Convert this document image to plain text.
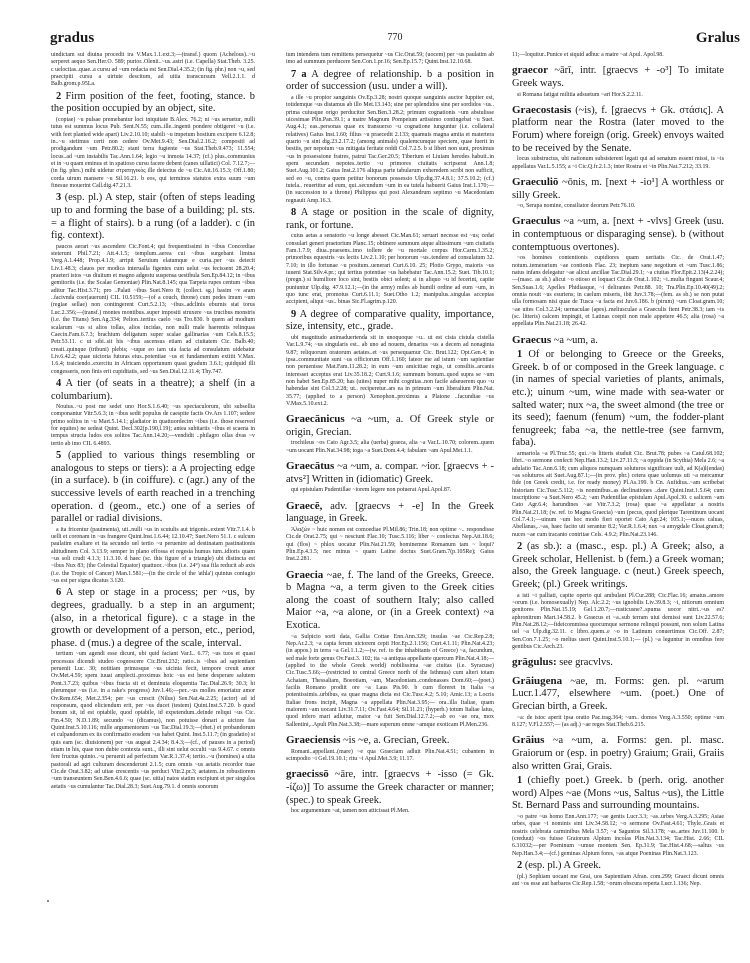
gradus	770	Gralus

uindictam sui diuina procedit ira V.Max.1.1.ext.3;—(transf.) quom (Achelous)..~u serperet aequo Sen.Her.O. 589; purior..Olenii..~us..astri (i.e. Capella) Stat.Theb. 3.25. c uelocitas..quae..a cursu ad ~um redacta est Sen.Dial.4.35.2; (in fig. phr.) non ~u, sed praecipiti cursu a uirtute descitum, ad uitia transcursum Vell.2.1.1. d Balb.grom.p.95La.

2 Firm position of the feet, footing, stance. b the position occupied by an object, site.

(copiae) ~u pulsae premebantur loci iniquitate B.Alex. 76.2; ni ~us seruetur, nulli tutus est summus locus Pub. Sent.N.55; cum..ille..ingenti pondere obtigeret ~u (i.e. with feet planted wide apart) Liv.2.10.10; stabili ~u impetum hostium excipere 6.12.8; in..~u stetimus certi non cedere Ov.Met.9.43; Sen.Dial.2.16.2; compositi ad prodigandum ~um Petr.80.2; stant terra fugiente ~us Stat.Theb.9.473; 11.554; locus..ad ~um instabilis Tac.Ann.1.64; legio ~u inmota 14.37; (cf.) plus..communius et in ~u quam eminus et in spatioso cursu facere debent (canes uillatici) Col. 7.12.7;—(in fig. phrs.) mihi uidetur στρατηγικὸς ille deiectus de ~u Cic.Att.16.15.3; Off.1.80; corda uirum mansere ~u Sil.16.21. b eos, qui terminos statutos extra suum ~um finesue mouerint Call.dig.47.21.3.

3 (esp. pl.) A step, stair (often of steps leading up to and forming the base of a building; pl. sts. = a flight of stairs). b a rung (of a ladder). c (in fig. context).

paucos aerari ~us ascendere Cic.Font.4; qui frequentissimi in ~ibus Concordiae steterunt Phil.7.21; Att.4.1.5; templum..aerea cui ~ibus surgebant limina Verg.A.1.448; Prop.4.1.9; arripit Seruium elatumque e curia..per ~us deiecit Liv.1.48.3; clauos per modica interualla figentes cum uelut ~us fecissent 28.20.4; praeteri istos ~us diuitum et magno adgestu suspensa uestibula Sen.Ep.84.12; in ~ibus gemitoriis (i.e. the Scalae Gemoniae) Plin.Nat.8.145; qua Tarpeia rupes centum ~ibus aditur Tac.Hist.3.71; pro ..Palati ~ibus Suet.Nero 8; (collect. sg.) basim ~v aram ..facivnda coer(auerunt) CIL 10.5159;—(of a couch, throne) cum pedes imum ~um (regiae sellae) non contingerent Curt.5.2.13; ~ibus..adclinis eburnis stat torus Luc.2.356;—(transf.) montes montibus..super impositi struxere ~us trucibus monstris (i.e. the Titans) Sen.Ag.334; Pelion..tertius caelo ~us Tro.830. b quem ad modium scalarum ~us si alios tollas, alios incidas, non nulli male haerentis relinquas Caecin.Fam.6.7.3; brachium deligatum super scalae gallinarias ~um Cels.8.15.5; Petr.53.11. c ut sibi..sit his ~ibus ascensus etiam ad ciuitatem Cic. Balb.40; creati..quinque (tribuni) plebis; ~uque eo iam uia facta ad consulatum uidebatur Liv.6.42.2; quae uictoria futuras eius..potentiae ~us et fundamentum extitit V.Max. 1.6.4; traiciendo..exercitu in Africam opportunum quasi gradum 3.6.1; quidquid illi congesseris, non finis erit cupiditatis, sed ~us Sen.Dial.12.11.4; Thy.747.

4 A tier (of seats in a theatre); a shelf (in a columbarium).

Nouius..~u post me sedet uno Hor.S.1.6.40; ~us spectaculorum, ubi subsellia componantur Vitr.5.6.3; in ~ibus sedit populus de caespite factis Ov.Ars 1.107; sedere primo solitos in ~u Mart.5.14.1; gladiator in quattuordecim ~ibus (i.e. those reserved for equites) ne sedeat Quint. Decl.302(p.190,l.19); antea subitariis ~ibus et scaena in tempus structa ludos eos solitos Tac.Ann.14.20;—vendidit ..philagro ollas dvas ~v tertio ab imo CIL 6.4893.

5 (applied to various things resembling or analogous to steps or tiers): a A projecting edge (in a surface). b (in coiffure). c (agr.) any of the successive levels of earth reached in a trenching operation. d (geom., etc.) one of a series of parallel or radial divisions.

a ita fricentur (pauimenta), uti..nulli ~us in scutulis aut trigonis..extent Vitr.7.1.4. b uelli et coronam in ~us frangere Quint.Inst.1.6.44; 12.10.47; Suet.Nero 51.1. c sulcum paulatim exaltare et ita secundo uel tertio ~u peruenire ad destinatam pastinationis altitudinem Col. 3.13.9; semper in plano effossa et regesta humus tum..idioris quam ~us soli crudi 4.1.3; 11.3.10. d haec (sc. this figure of a triangle) ubi distincta est ~ibus Nux 83; (the Celestial Equator) quattuor..~ibus (i.e. 24°) sua fila reducit ab axis (i.e. the Tropic of Cancer) Man.1.581;—(in the circle of the 'athla') quintus coniugio ~us est per signa dicatus 3.120.

6 A step or stage in a process; per ~us, by degrees, gradually. b a step in an argument; (also, in a rhetorical figure). c a stage in the growth or development of a person, etc., period, phase. d (mus.) a degree of the scale, interval.

tertium ~um agendi esse dicunt, ubi quid faciant Var.L. 6.77; ~us tuos et quasi processus dicendi studeo cognoscere Cic.Brut.232; ratio..is ~ibus ad sapientiam peruenit Luc. 30; notitiam primosque ~us uicinia fecit, tempore creuit amor Ov.Met.4.59; spem iuuat amplecti..proximus hoic ~us est bene desperare salutem Pont.3.7.23; quibus ~ibus fracta sit et deminuta eloquentia Tac.Dial.26.9; 30.3; hi plerumque ~us (i.e. in a rake's progress) Juv.1.46;—per..~us molles emoriatur amor Ov.Rem.654; Met.2.354; per ~us crescit (Nilus) Sen.Nat.4a.2.25; (actor) ad id responsum, quod eliciendum erit, per ~us ducet (testem) Quint.Inst.5.7.20. b quod bonum sit, id est optabile, quod optabile, id expetendum..deinde reliqui ~us Cic. Fin.4.50; N.D.1.89; secundo ~u (dicamus), non potuisse donari a uictore fas Quint.Inst.5.10.116; mille argumentorum ~us Tac.Dial.19.3;—(rhet.) et probandorum et culpandorum ex iis confirmatio eosdem ~us habet Quint. Inst.5.11.7; (in gradatio) si quis eam (sc. diuisionem) per ~us augeat 2.4.34; 8.4.3;—(cf., of pauses in a period) etiam in his, quae non dubie contexta sunt.., illi sint uelut occulti ~us 9.4.67. c omnis fere fructus quinto..~u peruenit ad perfectum Var.R.1.37.4; tertio..~u (homines) a uita pastorali ad agri culturam descenderunt 2.1.5; cum omnis ~us aetatis recordor tuae Cic.de Orat.3.82; ad uitae crescentis ~us perduci Vitr.2.pr.3; aetatem..in robustiorem ~um transeuntem Sen.Ben.4.6.6; quae (sc. uitia) natos statim excipiunt et per singulos aetatis ~us cumulantur Tac.Dial.28.3; Suet.Aug.79.1. d omnis sonorum

tum intendens tum remittens persequetur ~us Cic.Orat.59; (uocem) per ~us paulatim ab imo ad summum perducere Sen.Con.1.pr.16; Sen.Ep.15.7; Quint.Inst.12.10.68.

7 a A degree of relationship. b a position in order of succession (usu. under a will).

a ille ~u propior sanguinis Ov.Ep.3.28; nostri quoque sanguinis auctor Iuppiter est, totidemque ~us distamus ab illo Met.13.143; sine per splendidos sine per sordidos ~us.. prima cuiusque origo perducitur Sen.Ben.3.28.2; primum cognationis ~um abstulisse uicesimae Plin.Pan.39.1; a matre Magnum Pompeium artissimo contingebat ~u Suet. Aug.4.1; eas..personas quae ex transuerso ~u cognatione iunguntur (i.e. collateral relatives) Gaius Inst.1.60; filius ~u praecedit 2.133; quamuis magna amita et matertera quarto ~u sint dig.23.2.17.2; (among animals) qualemcumque speciem, quae fuerit in bestiis, per nepotum ~us mitigata feritate reddi Col.7.2.5. b si liberi non sunt, proximus ~us in possessione fratres, patrui Tac.Ger.20.5; Tiberium et Liuiam heredes habuit..in spem secundam nepotes..tertio ~u primores ciuitatis scripserat Ann.1.8; Suet.Aug.101.2; Gaius Inst.2.176 aliqua parte tabularum exheredem scribi non sufficit, sed eo ~u, contra quem petitur bonorum possessio Ulp.dig.37.4.8.1; 37.5.10.2; (cf.) tutela.. reuertitur ad eum, qui..secundum ~um in ea tutela habuerit Gaius Inst.1.170;—(in succession to a throne) Philippus qui post Alexandrum septimo ~u Macedoniam regnauit Amp.16.3.

8 A stage or position in the scale of dignity, rank, or fortune.

cuius aetas a senatorio ~u longe abesset Cic.Man.61; seruari necesse est ~us; cedat consulari generi praetorium Planc.15; obtinere summum atque altissimum ~um ciuitatis Fam.1.7.9; diua..praesens..imo tollere de ~u mortale corpus Hor.Carm.1.35.2; primoribus equestris ~us lectis Liv.2.1.10; per honorum ~us..tendere ad consulatum 32. 7.10; in illo fortunae ~u positum..uenerari Curt.6.10. 25; Plotio Grypo, maioris ~us iuueni Stat.Silv.4.pr.; qui tertius potentiae ~us habebatur Tac.Ann.15.2; Suet. Tib.10.1; (pregn.) si humiliore loco sint, bestiis obici solent; si in aliquo ~u id fecerint, capite puniuntur Ulp.dig. 47.9.12.1;—(in the army) miles ab humili ordine ad eum ~um, in quo tunc erat, promotus Curt.6.11.1; Suet.Otho 1.2; manipulus..singulas acceptas accipient, aliqui ~us.. binas Sic.Fl.agrim.p.120.

9 A degree of comparative quality, importance, size, intensity, etc., grade.

ubi magnitudo animaduertenda sit in unoquoque ~u.. ut est cista cistula cistella Var.L.9.74; ~us singularis est.. ab uno ad nouem, denarius ~us a decem ad nonaginta 9.87; reliquorum oratorum aetates..et ~us persequamur Cic. Brut.122; Opt.Gen.4; in ipsa..communitate sunt ~us officiorum Off.1.160; fateor me ad istum ~um sapientiae non peruenisse Mat.Fam.11.28.2; in eum ~um amicitiae regis, ut consiliis..arcanis interesset acceptus erat Liv.35.18.2; Curt.9.1.6; summum bonum..quod supra se ~um non habet Sen.Ep.85.20; has (uites) nuper mihi cognitas..non facile adseuerem quo ~u habendae sint Col.3.2.28; ut.. reciperetur..ars ea in primum ~um liberalium Plin.Nat. 35.77; (applied to a person) Xenophon..proximus a Platone ..facundiae ~us V.Max.5.10.ext.2.

Graecānicus ~a ~um, a. Of Greek style or origin, Grecian.

trochileus ~os Cato Agr.3.5; alia (uerba) graeca, alia ~a Var.L.10.70; colorem..quem ~um uocant Plin.Nat.34.98; toga ~a Suet.Dom.4.4; fabulam ~am Apul.Met.1.1.

Graecātus ~a ~um, a. compar. ~ior. [graecvs + -atvs²] Written in (idiomatic) Greek.

qui epistulam Pudentillae ~iorem legere non potuerat Apul.Apol.87.

Graecē, adv. [graecvs + -e] In the Greek language, in Greek.

Ἀλαζὼν ~ huic nomen est comoediae Pl.Mil.86; Trin.18; non optime ~.. respondisse Cic.de Orat.2.75; qui ~ nesciunt Flac.10; Tusc.5.116; liber ~ confectus Nep.Att.18.6; qui (flos) ~ phlox uocatur Plin.Nat.21.59; hominemne Romanum tam ~ loqui? Plin.Ep.4.3.5; nec minus ~ quam Latine doctus Suet.Gram.7(p.105Re); Gaius Inst.2.281.

Graecia ~ae, f. The land of the Greeks, Greece. b Magna ~a, a term given to the Greek cities along the coast of southern Italy; also called Maior ~a, ~a alone, or (in a Greek context) ~a Exotica.

~a Sulpicio sorti data, Gallia Cottae Enn.Ann.329; insulas ~ae Cic.Rep.2.8; Nep.Ar.2.3; ~a capta ferum uictorem cepit Hor.Ep.2.1.156; Curt.4.1.11; Plin.Nat.4.23; (in appos.) in terra ~a Gel.1.1.2;—(w. ref. to the inhabitants of Greece) ~a, facundum, sed male forte genus Ov.Fast.3. 102; ita ~a antiqua appellante quercum Plin.Nat.4.18;—(applied to the whole Greek world) nobilissima ~ae ciuitas (i.e. Syracuse) Cic.Tusc.5.66;—(restricted to central Greece north of the Isthmus) cum alteri totam Achaiam, Thessaliam, Boeotiam, ~am, Macedoniam..condonasses Dom.60;—(poet.) facilis Romano prodiit ore ~a Laus Pis.90. b cum floreret in Italia ~a potentissimis..urbibus, ea quae magna dicta est Cic.Tusc.4.2; 5.10; Amic.13; a Locris Italiae frons incipit, Magna ~a appellata Plin.Nat.3.95;— ora..illa Italiae, quam maiorem ~am uocant Liv.31.7.11; Ov.Fast.4.64; Sil.11.21; (hyperb.) totum Italiae latus, quod infero mari adluitur, maior ~a fuit Sen.Dial.12.7.2;—ab eo ~ae ora, mox Sallentini,..Apuli Plin.Nat.3.38;—mare superum omne ~amque exoticam Pl.Men.236.

Graeciensis ~is ~e, a. Grecian, Greek.

Romani..appellant..(mare) ~e qua Graeciam adluit Plin.Nat.4.51; cubantem in scimpodio ~i Gel.19.10.1; ritu ~i Apul.Met.3.9; 11.17.

graecissō ~āre, intr. [graecvs + -isso (= Gk. -ίζω)] To assume the Greek character or manner; (spec.) to speak Greek.

hoc argumentum ~at, tamen non atticissat Pl.Men.

11;—loquitur..Punice et siquid adhuc a matre ~at Apul. Apol.98.

graecor ~ārī, intr. [graecvs + -o³] To imitate Greek ways.

si Romana fatigat militia adsuetum ~ari Hor.S.2.2.11.

Graecostasis (~is), f. [graecvs + Gk. στάσις]. A platform near the Rostra (later moved to the Forum) where foreign (orig. Greek) envoys waited to be received by the Senate.

locus substructus, ubi nationum subsisterent legati qui ad senatum essent missi, is ~is appellatus Var.L.5.155; a ~i Cic.Q.fr.2.1.3; inter Rostra et ~in Plin.Nat.7.212; 33.19.

Graeculiō ~ōnis, m. [next + -io¹] A worthless or silly Greek.

~o, Serapa nomine, consiliator deorum Petr.76.10.

Graeculus ~a ~um, a. [next + -vlvs] Greek (usu. in contemptuous or disparaging sense). b (without contemptuous overtones).

~os homines contentionis cupidiores quam ueritatis Cic. de Orat.1.47; notum..temerarium ~ae contionis Flac. 23; ineptum sane negotium et ~um Tusc.1.86; natus infans delegatur ~ae alicui ancillae Tac.Dial.29.1; ~a ciuitas Flor.Epit.2.13(4.2.24);—(masc. as sb.) alicui ~o otioso et loquaci Cic.de Orat.1.102; ~i..multa fingunt Scaur.4; Sen.Suas.1.6; Apelles Phidiasque, ~i delirantes Petr.88. 10; Tra.Plin.Ep.10.40(49).2; omnia nouit ~us esuriens; in caelum miseris, ibit Juv.3.78;—(fem. as sb.) se non putat ulla formosam nisi quae de Tusca ~a facta est Juv.6.186. b (pirum) ~um Cloat.gram.10; ~ae uites Col.3.2.24; uernaculae (apes)..meliusculae a Graeculis fient Petr.38.3; iam ~is (sc. litteris) calcem impingit, et Latinas coepit non male appetere 46.5; alia (rosa) ~a appellata Plin.Nat.21.18; 26.42.

Graecus ~a ~um, a.

1 Of or belonging to Greece or the Greeks, Greek. b of or composed in the Greek language. c (in names of special varieties of plants, animals, etc.); uinum ~um, wine made with sea-water or salted water; nux ~a, the sweet almond (the tree or its seed); faenum (fenum) ~um, the fodder-plant fenugreek; faba ~a, the nettle-tree (see farnvm, faba).

armariola ~a Pl.Truc.55; qui..~is litteris studuit Cic. Brut.78; pubes ~a Catul.68.102; libri..~o sermone confecti Nep.Han.13.2; Liv.27.11.5; ~a oppida (in Scythia) Mela 2.6; ~a adulatio Tac.Ann.6.18; cum aliquos numquam soluturos significare uult, ad K(a)l(endas) ~as soluturos ait Suet.Aug.87.1;—(in prov. phr.) cetera quae uolumus uti ~a mercamur fide (on Greek credit, i.e. for ready money) Pl.As.199. b Cn. Aufidius..~am scribebat historiam Cic.Tusc.5.112; ~is nominibus..as declinationes ..dare Quint.Inst.1.5.64; cum inscriptione ~a Suet.Nero 45.2; ~am Pudentillae epistulam Apul.Apol.30. c salicem ~am Cato Agr.6.4; harundines ~ae Vitr.7.3.2; (rosa) quae ~a appellatur a nostris Plin.Nat.21.18; (w. ref. to Magna Graecia) ~um (pecus, quod plerique Tarentinum uocant Col.7.4.1;—uinum ~um hoc modo fieri oportet Cato Agr.24; 105.1;—nuces caluas, Abellanas,..~as, haec facito uti serantur 8.2; Var.R.1.6.4; nux ~a amygdale Cloat.gram.8; nuces ~ae cum tracanto contritae Cels. 4.9.2; Plin.Nat.23.146.

2 (as sb.): a (masc., esp. pl.) A Greek; also, a Greek scholar, Hellenist. b (fem.) a Greek woman; also, the Greek language. c (neut.) Greek speech, Greek; (pl.) Greek writings.

a isti ~i palliati, capite operto qui ambulant Pl.Cur.288; Cic.Flac.16; amatus..amore ~orum (i.e. homosexually) Nep. Alc.2.2; ~us ignobilis Liv.39.8.3; ~i, nitiorum omnium genitores Plin.Nat.15.19; Gel.1.20.7;—rusticusne?..spuma uocor nitri..~us es? aphronitrum Mart.14.58.2. b Graecus et ~a..sub terram uiui demissi sunt Liv.22.57.6; Plin.Nat.28.12;—fideicommissa quocumque sermone relinqui possunt, non solum Latina uel ~a Ulp.dig.32.11. c libro..quem..e ~o in Latinum conuertimus Cic.Off. 2.87; Sen.Con.7.1.25; ~o melius useri Quint.Inst.5.10.1;— (pl.) ~a leguntur in omnibus fere gentibus Cic.Arch.23.

grāgulus: see gracvlvs.

Grāiugena ~ae, m. Forms: gen. pl. ~arum Lucr.1.477, elsewhere ~um. (poet.) One of Grecian birth, a Greek.

~a: de istoc aperit ipsa oratio Pac.trag.364; ~um.. domos Verg.A.3.550; optime ~um 8.127; V.Fl.2.557;— (as adj.) ~ae reges Stat.Theb.6.215.

Grāius ~a ~um, a. Forms: gen. pl. masc. Graiorum or (esp. in poetry) Graium; Graii, Graiis also written Grai, Grais.

1 (chiefly poet.) Greek. b (perh. orig. another word) Alpes ~ae (Mons ~us, Saltus ~us), the Little St. Bernard Pass and surrounding mountains.

~o patre ~us homo Enn.Ann.177; ~ae gentis Lucr.3.3; ~as..urbes Verg.A.3.295; Asiae urbes, quae ~i nominis sint Liv.34.58.12; ~o sermone Ov.Fast.4.61; Thyle..Grais et nostris celebrata carminibus Mela 3.57; ~a Saguntos Sil.3.178; ~as..artes Juv.11.100. b (creduut) ~os fuisse Graiorum Alpium incolas Plin.Nat.3.134; Tac.Hist. 2.66; CIL 6.31032;—per Poeninum ~umue montem Sen. Ep.31.9; Tac.Hist.4.68;—saltus ~us Nep.Han.3.4;—(cf.) geminas Alpium fores, ~as atque Poeninas Plin.Nat.3.123.

2 (esp. pl.) A Greek.

(pl.) Sophiam uocant me Grai, uos Sapientiam Afran. com.299; Graeci dicunt omnis aut ~os esse aut barbaros Cic.Rep.1.58; ~orum obscura reperta Lucr.1.136; Nep.
